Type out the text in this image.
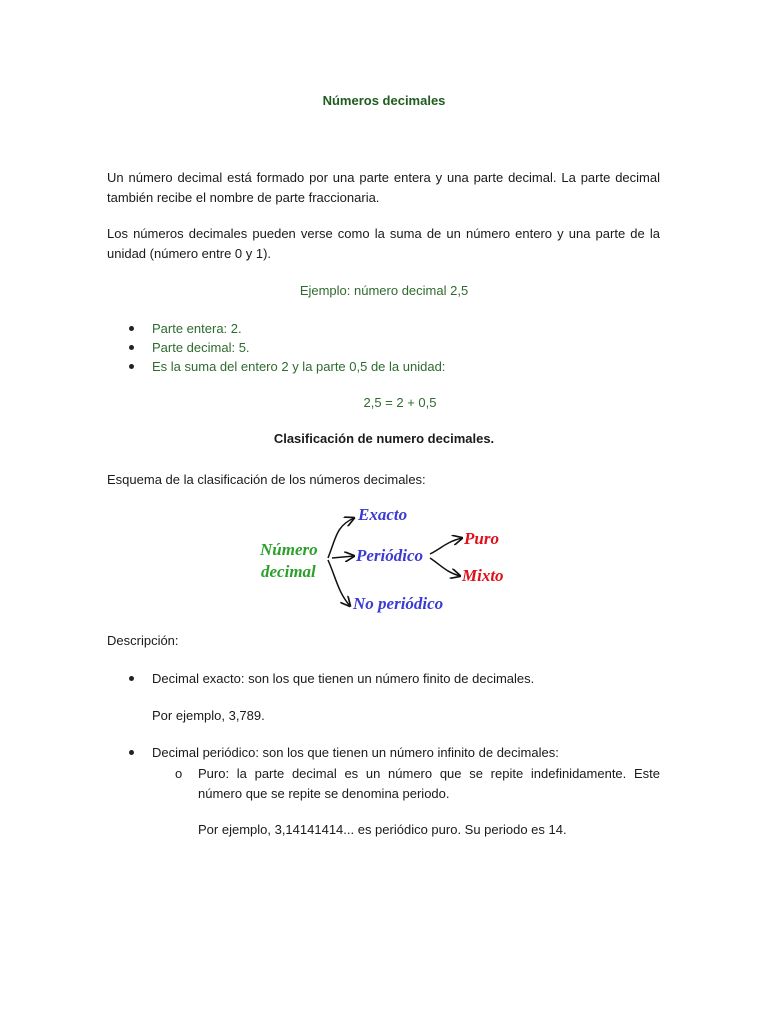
Números decimales
Un número decimal está formado por una parte entera y una parte decimal. La parte decimal también recibe el nombre de parte fraccionaria.
Los números decimales pueden verse como la suma de un número entero y una parte de la unidad (número entre 0 y 1).
Ejemplo: número decimal 2,5
Parte entera: 2.
Parte decimal: 5.
Es la suma del entero 2 y la parte 0,5 de la unidad:
2,5 = 2 + 0,5
Clasificación de numero decimales.
Esquema de la clasificación de los números decimales:
Número
decimal
Exacto
Periódico
No periódico
Puro
Mixto
Descripción:
Decimal exacto: son los que tienen un número finito de decimales.
Por ejemplo, 3,789.
Decimal periódico: son los que tienen un número infinito de decimales:
o Puro: la parte decimal es un número que se repite indefinidamente. Este número que se repite se denomina periodo.
Por ejemplo, 3,14141414... es periódico puro. Su periodo es 14.
